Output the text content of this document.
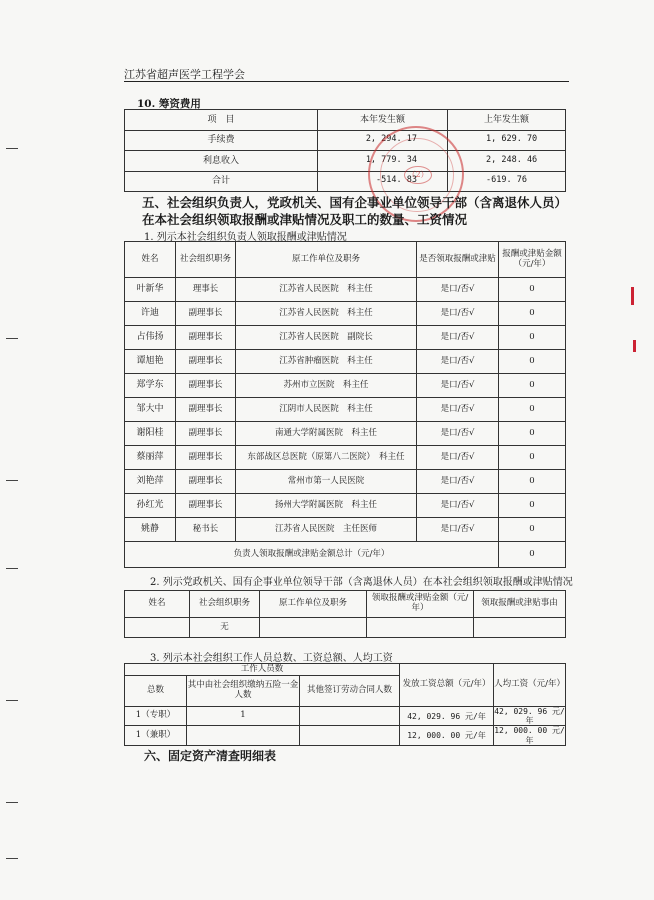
江苏省超声医学工程学会
10. 筹资费用
项　目	本年发生额	上年发生额
手续费	2, 294. 17	1, 629. 70
利息收入	1, 779. 34	2, 248. 46
合计	-514. 83	-619. 76
（2）
五、社会组织负责人，党政机关、国有企事业单位领导干部（含离退休人员）在本社会组织领取报酬或津贴情况及职工的数量、工资情况
1. 列示本社会组织负责人领取报酬或津贴情况
姓名	社会组织职务	原工作单位及职务	是否领取报酬或津贴	报酬或津贴金额（元/年）
叶新华	理事长	江苏省人民医院　科主任	是口/否√	0
许迪	副理事长	江苏省人民医院　科主任	是口/否√	0
占伟扬	副理事长	江苏省人民医院　副院长	是口/否√	0
谭旭艳	副理事长	江苏省肿瘤医院　科主任	是口/否√	0
郑学东	副理事长	苏州市立医院　科主任	是口/否√	0
邹大中	副理事长	江阴市人民医院　科主任	是口/否√	0
谢阳桂	副理事长	南通大学附属医院　科主任	是口/否√	0
蔡丽萍	副理事长	东部战区总医院（原第八二医院）　科主任	是口/否√	0
刘艳萍	副理事长	常州市第一人民医院	是口/否√	0
孙红光	副理事长	扬州大学附属医院　科主任	是口/否√	0
姚静	秘书长	江苏省人民医院　主任医师	是口/否√	0
负责人领取报酬或津贴金额总计（元/年）				0
2. 列示党政机关、国有企事业单位领导干部（含离退休人员）在本社会组织领取报酬或津贴情况
姓名	社会组织职务	原工作单位及职务	领取报酬或津贴金额（元/年）	领取报酬或津贴事由
	无			
3. 列示本社会组织工作人员总数、工资总额、人均工资
工作人员数			发放工资总额（元/年）	人均工资（元/年）
总数	其中由社会组织缴纳五险一金人数	其他签订劳动合同人数		
1（专职）	1		42, 029. 96 元/年	42, 029. 96 元/年
1（兼职）			12, 000. 00 元/年	12, 000. 00 元/年
六、固定资产清查明细表
